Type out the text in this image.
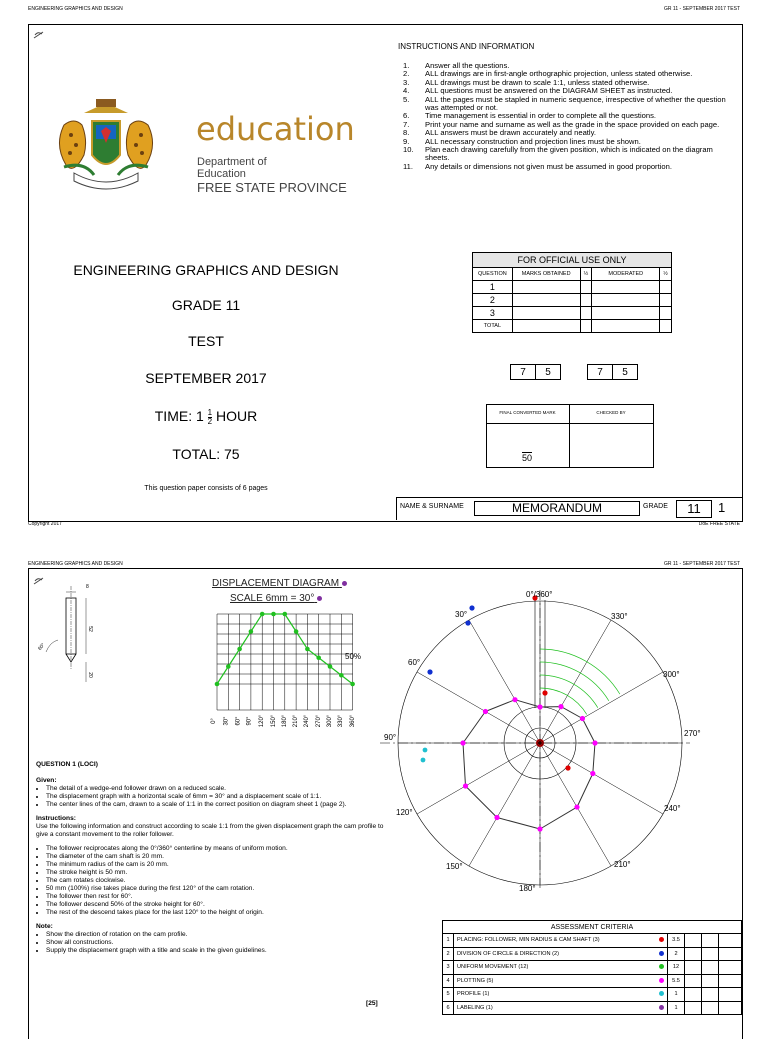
ENGINEERING GRAPHICS AND DESIGN	GR 11 - SEPTEMBER 2017 TEST
education
Department of
Education
FREE STATE PROVINCE
INSTRUCTIONS AND INFORMATION
1.	Answer all the questions.
2.	ALL drawings are in first-angle orthographic projection, unless stated otherwise.
3.	ALL drawings must be drawn to scale 1:1, unless stated otherwise.
4.	ALL questions must be answered on the DIAGRAM SHEET as instructed.
5.	ALL the pages must be stapled in numeric sequence, irrespective of whether the question was attempted or not.
6.	Time management is essential in order to complete all the questions.
7.	Print your name and surname as well as the grade in the space provided on each page.
8.	ALL answers must be drawn accurately and neatly.
9.	ALL necessary construction and projection lines must be shown.
10.	Plan each drawing carefully from the given position, which is indicated on the diagram sheets.
11.	Any details or dimensions not given must be assumed in good proportion.
ENGINEERING GRAPHICS AND DESIGN
GRADE 11
TEST
SEPTEMBER 2017
TIME: $1 \frac{1}{2}$ HOUR
TOTAL: 75
This question paper consists of 6 pages
FOR OFFICIAL USE ONLY				
QUESTION	MARKS OBTAINED	½	MODERATED	½
1				
2				
3				
TOTAL				
7	5		7	5
FINAL CONVERTED MARK	CHECKED BY
50
NAME & SURNAME	MEMORANDUM	GRADE	11	1
Copyright 2017	DoE FREE STATE
ENGINEERING GRAPHICS AND DESIGN	GR 11 - SEPTEMBER 2017 TEST
8
52
20
60°
DISPLACEMENT DIAGRAM
SCALE 6mm = 30°
50%
0° 30° 60° 90° 120° 150° 180° 210° 240° 270° 300° 330° 360°
0°/360°
30°
60°
90°
120°
150°
180°
210°
240°
270°
300°
330°

QUESTION 1 (LOCI)

Given:

• The detail of a wedge-end follower drawn on a reduced scale.
• The displacement graph with a horizontal scale of 6mm = 30° and a displacement scale of 1:1.
• The center lines of the cam, drawn to a scale of 1:1 in the correct position on diagram sheet 1 (page 2).

Instructions:

Use the following information and construct according to scale 1:1 from the given displacement graph the cam profile to give a constant movement to the roller follower.

• The follower reciprocates along the 0°/360° centerline by means of uniform motion.
• The diameter of the cam shaft is 20 mm.
• The minimum radius of the cam is 20 mm.
• The stroke height is 50 mm.
• The cam rotates clockwise.
• 50 mm (100%) rise takes place during the first 120° of the cam rotation.
• The follower then rest for 60°.
• The follower descend 50% of the stroke height for 60°.
• The rest of the descend takes place for the last 120° to the height of origin.

Note:

• Show the direction of rotation on the cam profile.
• Show all constructions.
• Supply the displacement graph with a title and scale in the given guidelines.
[25]
ASSESSMENT CRITERIA					
1	PLACING: FOLLOWER, MIN RADIUS & CAM SHAFT (3)	3.5			
2	DIVISION OF CIRCLE & DIRECTION (2)	2			
3	UNIFORM MOVEMENT (12)	12			
4	PLOTTING (5)	5.5			
5	PROFILE (1)	1			
6	LABELING (1)	1			
